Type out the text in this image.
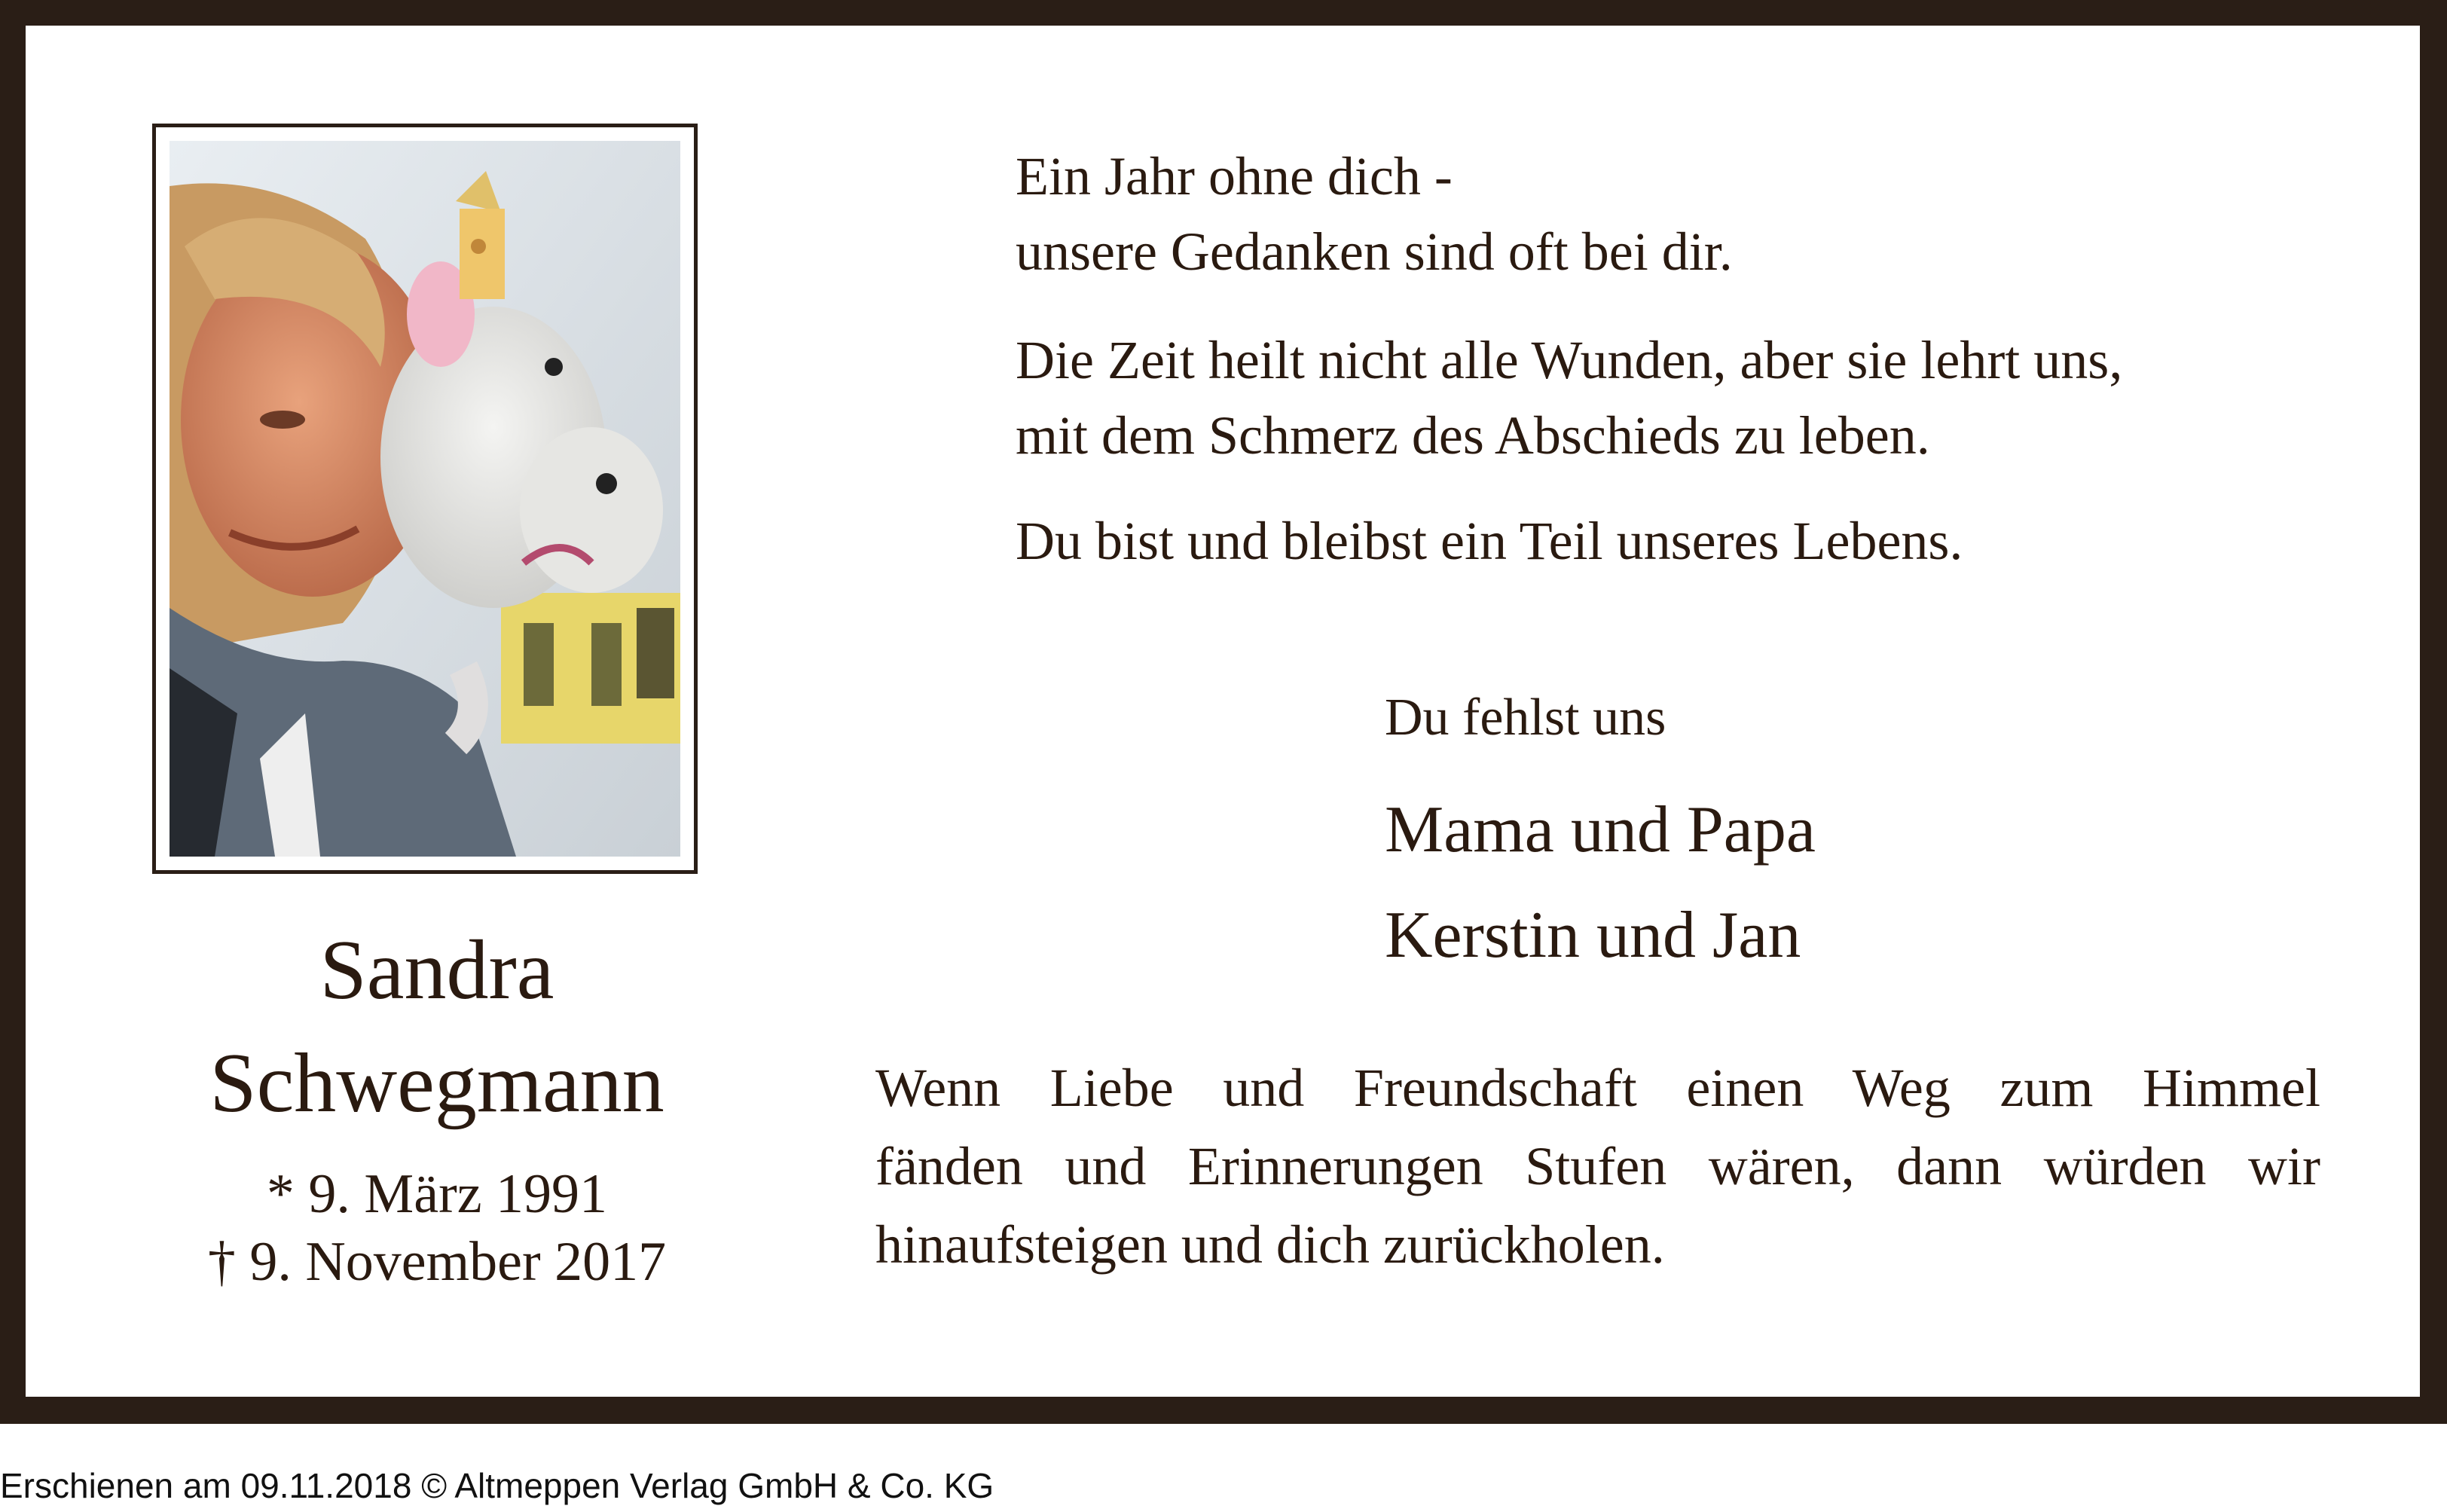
Sandra
Schwegmann
* 9. März 1991
† 9. November 2017
Ein Jahr ohne dich -
unsere Gedanken sind oft bei dir.
Die Zeit heilt nicht alle Wunden, aber sie lehrt uns,
mit dem Schmerz des Abschieds zu leben.
Du bist und bleibst ein Teil unseres Lebens.
Du fehlst uns
Mama und Papa
Kerstin und Jan
Wenn Liebe und Freundschaft einen Weg zum Himmel
fänden und Erinnerungen Stufen wären, dann würden wir
hinaufsteigen und dich zurückholen.
Erschienen am 09.11.2018 © Altmeppen Verlag GmbH & Co. KG
